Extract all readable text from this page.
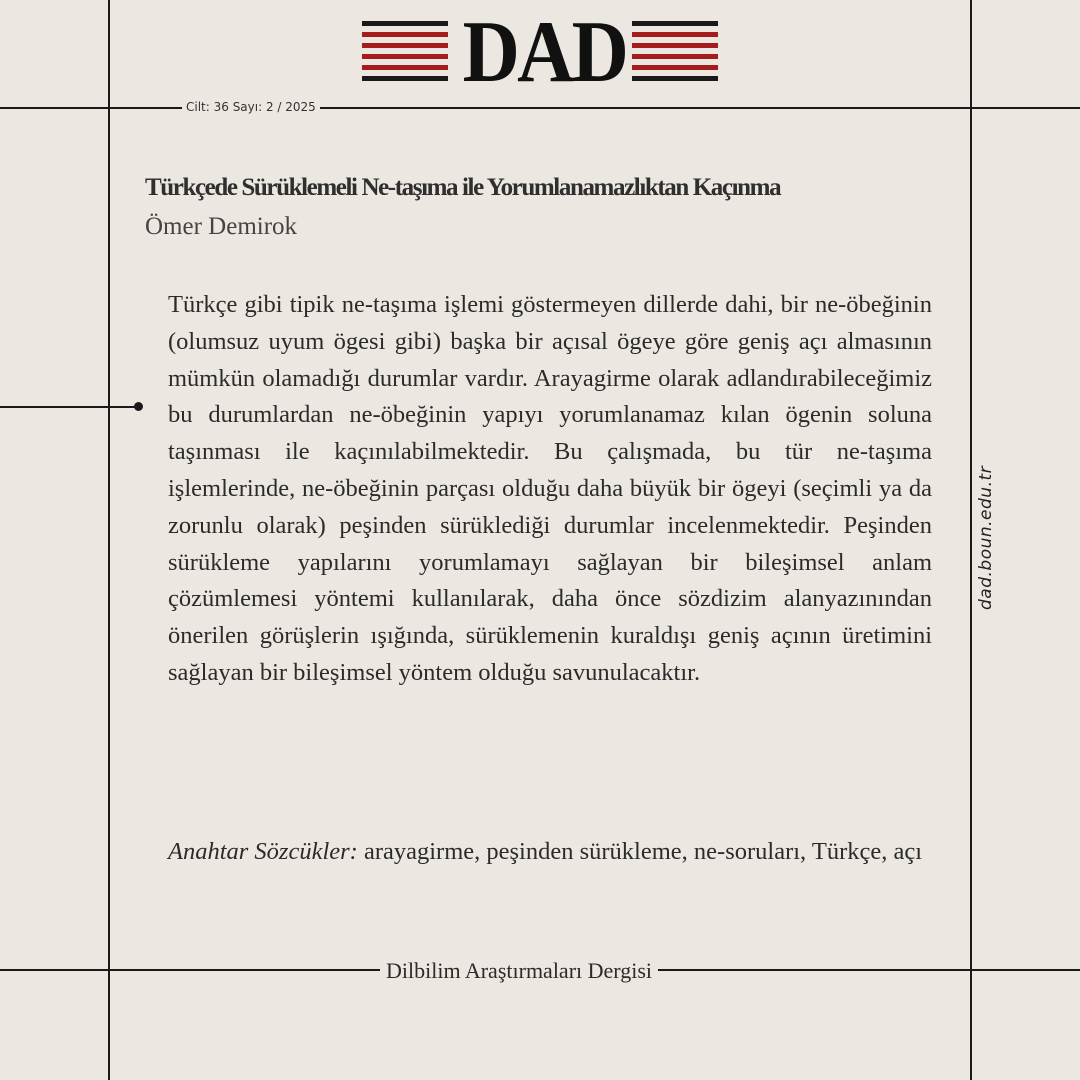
DAD
Cilt: 36 Sayı: 2 / 2025
Türkçede Sürüklemeli Ne-taşıma ile Yorumlanamazlıktan Kaçınma
Ömer Demirok

Türkçe gibi tipik ne-taşıma işlemi göstermeyen dillerde dahi, bir ne-öbeğinin (olumsuz uyum ögesi gibi) başka bir açısal ögeye göre geniş açı almasının mümkün olamadığı durumlar vardır. Arayagirme olarak adlandırabileceğimiz bu durumlardan ne-öbeğinin yapıyı yorumlanamaz kılan ögenin soluna taşınması ile kaçınılabilmektedir. Bu çalışmada, bu tür ne-taşıma işlemlerinde, ne-öbeğinin parçası olduğu daha büyük bir ögeyi (seçimli ya da zorunlu olarak) peşinden sürüklediği durumlar incelenmektedir. Peşinden sürükleme yapılarını yorumlamayı sağlayan bir bileşimsel anlam çözümlemesi yöntemi kullanılarak, daha önce sözdizim alanyazınından önerilen görüşlerin ışığında, sürüklemenin kuraldışı geniş açının üretimini sağlayan bir bileşimsel yöntem olduğu savunulacaktır.

Anahtar Sözcükler: arayagirme, peşinden sürükleme, ne-soruları, Türkçe, açı

dad.boun.edu.tr
Dilbilim Araştırmaları Dergisi
